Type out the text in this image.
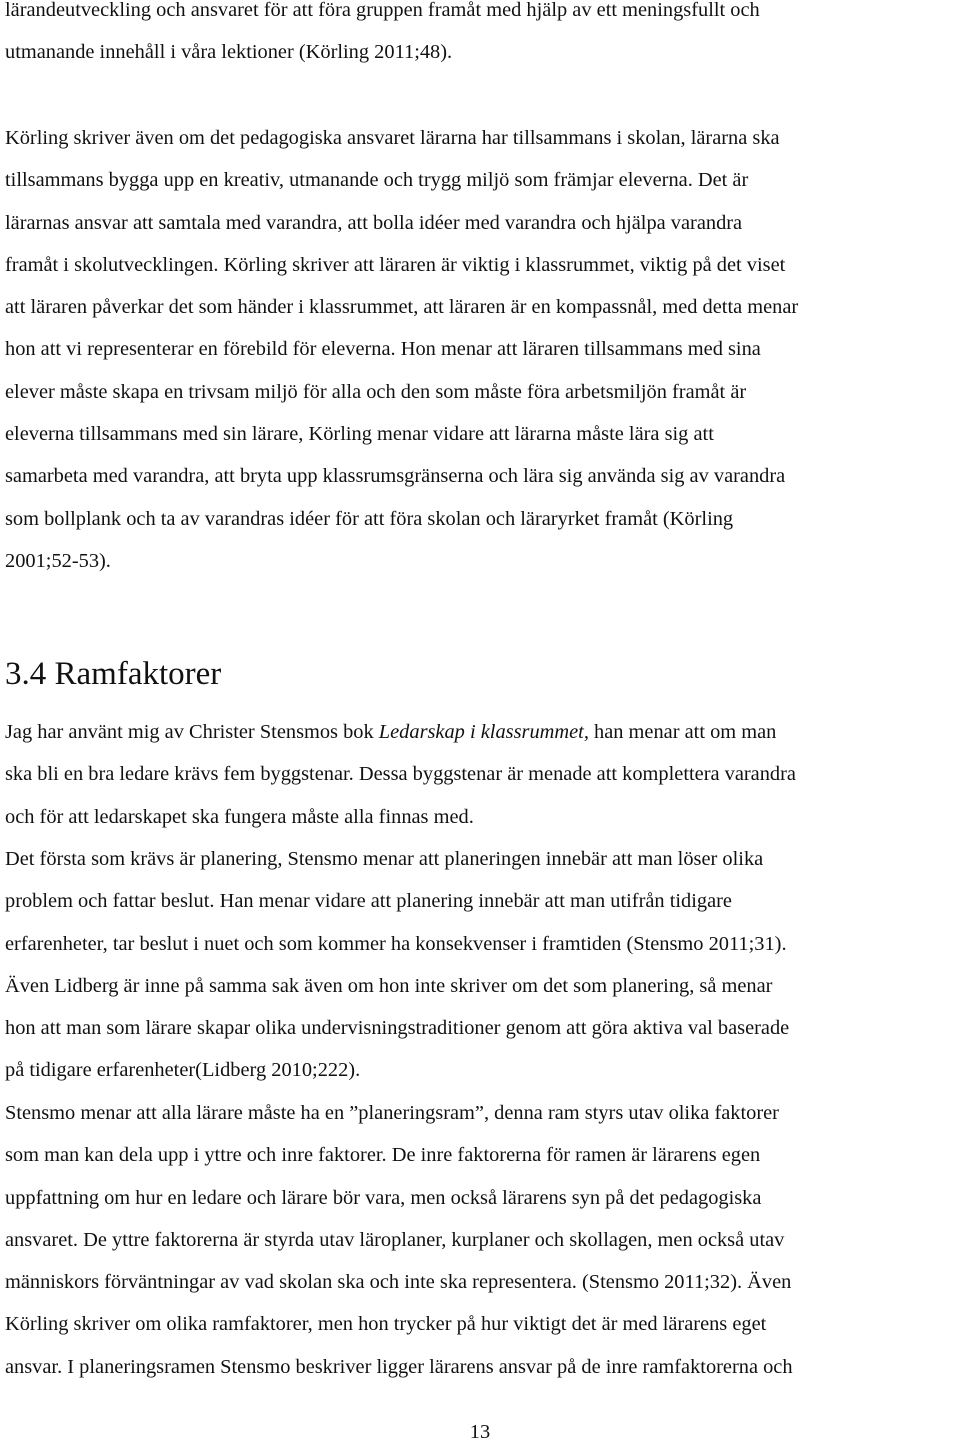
lärandeutveckling och ansvaret för att föra gruppen framåt med hjälp av ett meningsfullt och
utmanande innehåll i våra lektioner (Körling 2011;48).

Körling skriver även om det pedagogiska ansvaret lärarna har tillsammans i skolan, lärarna ska
tillsammans bygga upp en kreativ, utmanande och trygg miljö som främjar eleverna. Det är
lärarnas ansvar att samtala med varandra, att bolla idéer med varandra och hjälpa varandra
framåt i skolutvecklingen. Körling skriver att läraren är viktig i klassrummet, viktig på det viset
att läraren påverkar det som händer i klassrummet, att läraren är en kompassnål, med detta menar
hon att vi representerar en förebild för eleverna. Hon menar att läraren tillsammans med sina
elever måste skapa en trivsam miljö för alla och den som måste föra arbetsmiljön framåt är
eleverna tillsammans med sin lärare, Körling menar vidare att lärarna måste lära sig att
samarbeta med varandra, att bryta upp klassrumsgränserna och lära sig använda sig av varandra
som bollplank och ta av varandras idéer för att föra skolan och läraryrket framåt (Körling
2001;52-53).

3.4 Ramfaktorer

Jag har använt mig av Christer Stensmos bok Ledarskap i klassrummet, han menar att om man
ska bli en bra ledare krävs fem byggstenar. Dessa byggstenar är menade att komplettera varandra
och för att ledarskapet ska fungera måste alla finnas med.

Det första som krävs är planering, Stensmo menar att planeringen innebär att man löser olika
problem och fattar beslut. Han menar vidare att planering innebär att man utifrån tidigare
erfarenheter, tar beslut i nuet och som kommer ha konsekvenser i framtiden (Stensmo 2011;31).
Även Lidberg är inne på samma sak även om hon inte skriver om det som planering, så menar
hon att man som lärare skapar olika undervisningstraditioner genom att göra aktiva val baserade
på tidigare erfarenheter(Lidberg 2010;222).

Stensmo menar att alla lärare måste ha en ”planeringsram”, denna ram styrs utav olika faktorer
som man kan dela upp i yttre och inre faktorer. De inre faktorerna för ramen är lärarens egen
uppfattning om hur en ledare och lärare bör vara, men också lärarens syn på det pedagogiska
ansvaret. De yttre faktorerna är styrda utav läroplaner, kurplaner och skollagen, men också utav
människors förväntningar av vad skolan ska och inte ska representera. (Stensmo 2011;32). Även
Körling skriver om olika ramfaktorer, men hon trycker på hur viktigt det är med lärarens eget
ansvar. I planeringsramen Stensmo beskriver ligger lärarens ansvar på de inre ramfaktorerna och

13
